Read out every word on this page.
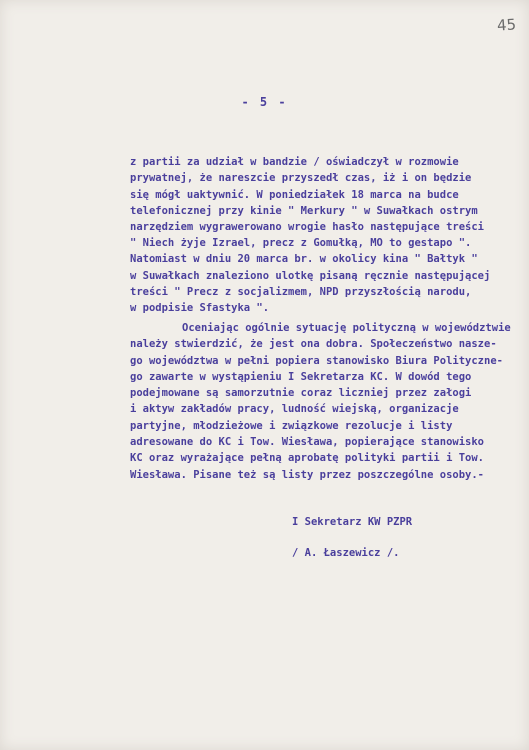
45
- 5 -
z partii za udział w bandzie / oświadczył w rozmowie
prywatnej, że nareszcie przyszedł czas, iż i on będzie
się mógł uaktywnić. W poniedziałek 18 marca na budce
telefonicznej przy kinie " Merkury " w Suwałkach ostrym
narzędziem wygrawerowano wrogie hasło następujące treści
" Niech żyje Izrael, precz z Gomułką, MO to gestapo ".
Natomiast w dniu 20 marca br. w okolicy kina " Bałtyk "
w Suwałkach znaleziono ulotkę pisaną ręcznie następującej
treści " Precz z socjalizmem, NPD przyszłością narodu,
w podpisie Sfastyka ".
Oceniając ogólnie sytuację polityczną w województwie
należy stwierdzić, że jest ona dobra. Społeczeństwo nasze-
go województwa w pełni popiera stanowisko Biura Polityczne-
go zawarte w wystąpieniu I Sekretarza KC. W dowód tego
podejmowane są samorzutnie coraz liczniej przez załogi
i aktyw zakładów pracy, ludność wiejską, organizacje
partyjne, młodzieżowe i związkowe rezolucje i listy
adresowane do KC i Tow. Wiesława, popierające stanowisko
KC oraz wyrażające pełną aprobatę polityki partii i Tow.
Wiesława. Pisane też są listy przez poszczególne osoby.-
I Sekretarz KW PZPR
/ A. Łaszewicz /.
